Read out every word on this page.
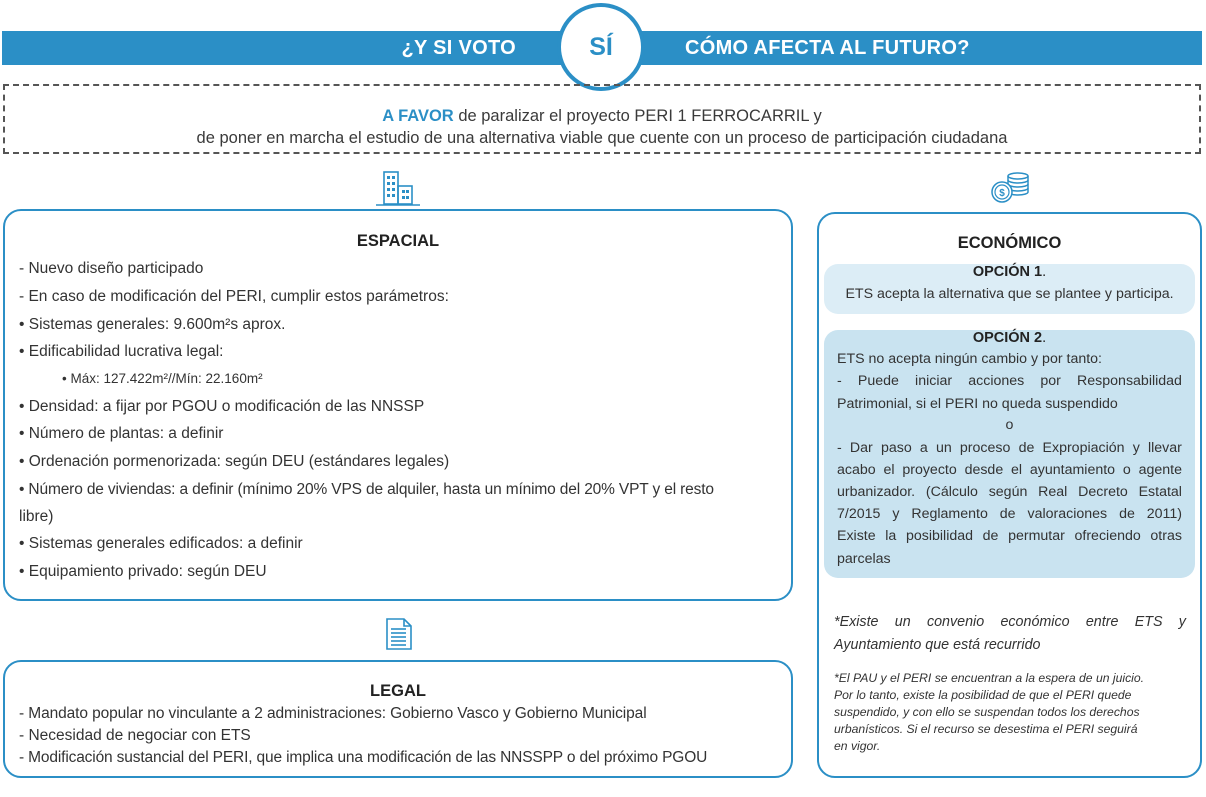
¿Y SI VOTO	CÓMO AFECTA AL FUTURO?
SÍ
A FAVOR de paralizar el proyecto PERI 1 FERROCARRIL y
de poner en marcha el estudio de una alternativa viable que cuente con un proceso de participación ciudadana
$
ESPACIAL
- Nuevo diseño participado
- En caso de modificación del PERI, cumplir estos parámetros:
• Sistemas generales: 9.600m²s aprox.
• Edificabilidad lucrativa legal:
• Máx: 127.422m²//Mín: 22.160m²
• Densidad: a fijar por PGOU o modificación de las NNSSP
• Número de plantas: a definir
• Ordenación pormenorizada: según DEU (estándares legales)
• Número de viviendas: a definir (mínimo 20% VPS de alquiler, hasta un mínimo del 20% VPT y el resto
libre)
• Sistemas generales edificados: a definir
• Equipamiento privado: según DEU
LEGAL
- Mandato popular no vinculante a 2 administraciones: Gobierno Vasco y Gobierno Municipal
- Necesidad de negociar con ETS
- Modificación sustancial del PERI, que implica una modificación de las NNSSPP o del próximo PGOU
ECONÓMICO
OPCIÓN 1.
ETS acepta la alternativa que se plantee y participa.
OPCIÓN 2.
ETS no acepta ningún cambio y por tanto:
- Puede iniciar acciones por Responsabilidad
Patrimonial, si el PERI no queda suspendido
o
- Dar paso a un proceso de Expropiación y llevar
acabo el proyecto desde el ayuntamiento o agente
urbanizador. (Cálculo según Real Decreto Estatal
7/2015 y Reglamento de valoraciones de 2011)
Existe la posibilidad de permutar ofreciendo otras
parcelas
*Existe un convenio económico entre ETS y
Ayuntamiento que está recurrido
*El PAU y el PERI se encuentran a la espera de un juicio.
Por lo tanto, existe la posibilidad de que el PERI quede
suspendido, y con ello se suspendan todos los derechos
urbanísticos. Si el recurso se desestima el PERI seguirá
en vigor.
